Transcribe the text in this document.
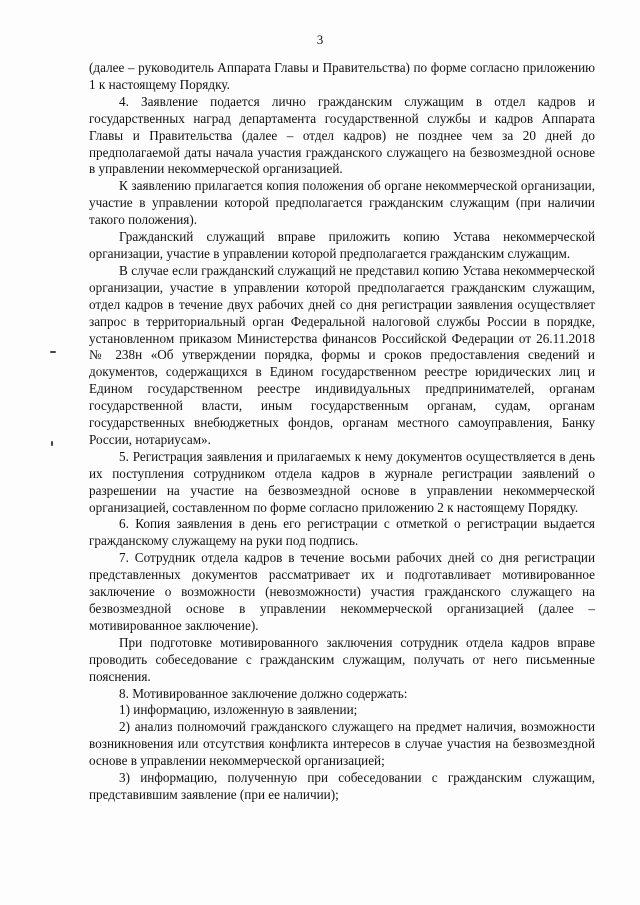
3

(далее – руководитель Аппарата Главы и Правительства) по форме согласно приложению 1 к настоящему Порядку.

4. Заявление подается лично гражданским служащим в отдел кадров и государственных наград департамента государственной службы и кадров Аппарата Главы и Правительства (далее – отдел кадров) не позднее чем за 20 дней до предполагаемой даты начала участия гражданского служащего на безвозмездной основе в управлении некоммерческой организацией.

К заявлению прилагается копия положения об органе некоммерческой организации, участие в управлении которой предполагается гражданским служащим (при наличии такого положения).

Гражданский служащий вправе приложить копию Устава некоммерческой организации, участие в управлении которой предполагается гражданским служащим.

В случае если гражданский служащий не представил копию Устава некоммерческой организации, участие в управлении которой предполагается гражданским служащим, отдел кадров в течение двух рабочих дней со дня регистрации заявления осуществляет запрос в территориальный орган Федеральной налоговой службы России в порядке, установленном приказом Министерства финансов Российской Федерации от 26.11.2018 № 238н «Об утверждении порядка, формы и сроков предоставления сведений и документов, содержащихся в Едином государственном реестре юридических лиц и Едином государственном реестре индивидуальных предпринимателей, органам государственной власти, иным государственным органам, судам, органам государственных внебюджетных фондов, органам местного самоуправления, Банку России, нотариусам».

5. Регистрация заявления и прилагаемых к нему документов осуществляется в день их поступления сотрудником отдела кадров в журнале регистрации заявлений о разрешении на участие на безвозмездной основе в управлении некоммерческой организацией, составленном по форме согласно приложению 2 к настоящему Порядку.

6. Копия заявления в день его регистрации с отметкой о регистрации выдается гражданскому служащему на руки под подпись.

7. Сотрудник отдела кадров в течение восьми рабочих дней со дня регистрации представленных документов рассматривает их и подготавливает мотивированное заключение о возможности (невозможности) участия гражданского служащего на безвозмездной основе в управлении некоммерческой организацией (далее – мотивированное заключение).

При подготовке мотивированного заключения сотрудник отдела кадров вправе проводить собеседование с гражданским служащим, получать от него письменные пояснения.

8. Мотивированное заключение должно содержать:

1) информацию, изложенную в заявлении;

2) анализ полномочий гражданского служащего на предмет наличия, возможности возникновения или отсутствия конфликта интересов в случае участия на безвозмездной основе в управлении некоммерческой организацией;

3) информацию, полученную при собеседовании с гражданским служащим, представившим заявление (при ее наличии);
